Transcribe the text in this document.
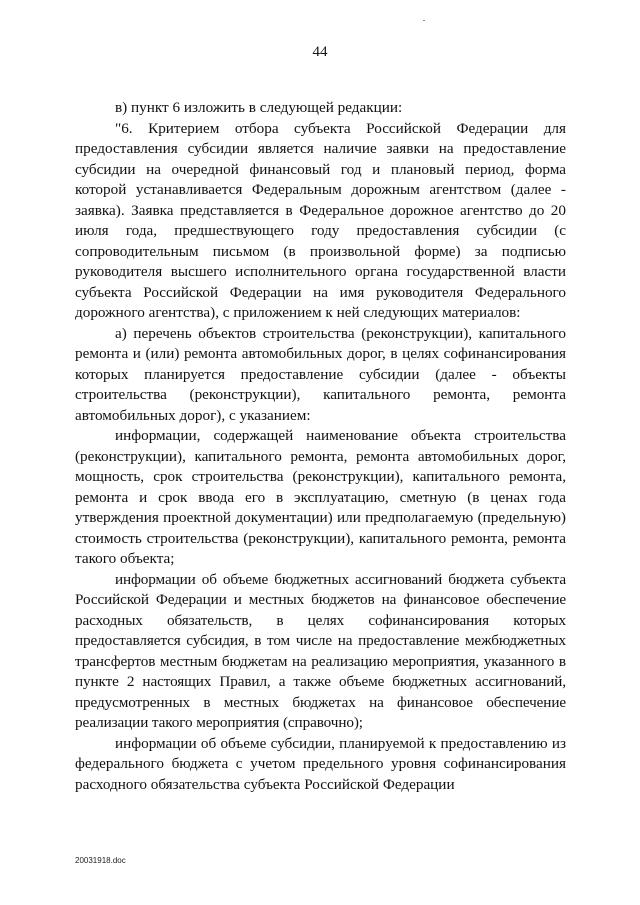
44

в) пункт 6 изложить в следующей редакции:

"6. Критерием отбора субъекта Российской Федерации для предоставления субсидии является наличие заявки на предоставление субсидии на очередной финансовый год и плановый период, форма которой устанавливается Федеральным дорожным агентством (далее - заявка). Заявка представляется в Федеральное дорожное агентство до 20 июля года, предшествующего году предоставления субсидии (с сопроводительным письмом (в произвольной форме) за подписью руководителя высшего исполнительного органа государственной власти субъекта Российской Федерации на имя руководителя Федерального дорожного агентства), с приложением к ней следующих материалов:

а) перечень объектов строительства (реконструкции), капитального ремонта и (или) ремонта автомобильных дорог, в целях софинансирования которых планируется предоставление субсидии (далее - объекты строительства (реконструкции), капитального ремонта, ремонта автомобильных дорог), с указанием:

информации, содержащей наименование объекта строительства (реконструкции), капитального ремонта, ремонта автомобильных дорог, мощность, срок строительства (реконструкции), капитального ремонта, ремонта и срок ввода его в эксплуатацию, сметную (в ценах года утверждения проектной документации) или предполагаемую (предельную) стоимость строительства (реконструкции), капитального ремонта, ремонта такого объекта;

информации об объеме бюджетных ассигнований бюджета субъекта Российской Федерации и местных бюджетов на финансовое обеспечение расходных обязательств, в целях софинансирования которых предоставляется субсидия, в том числе на предоставление межбюджетных трансфертов местным бюджетам на реализацию мероприятия, указанного в пункте 2 настоящих Правил, а также объеме бюджетных ассигнований, предусмотренных в местных бюджетах на финансовое обеспечение реализации такого мероприятия (справочно);

информации об объеме субсидии, планируемой к предоставлению из федерального бюджета с учетом предельного уровня софинансирования расходного обязательства субъекта Российской Федерации

20031918.doc
